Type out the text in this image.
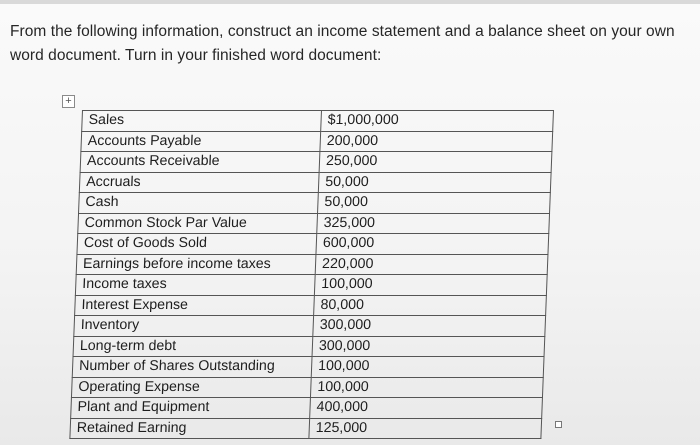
From the following information, construct an income statement and a balance sheet on your own word document. Turn in your finished word document:

+
Sales	$1,000,000
Accounts Payable	200,000
Accounts Receivable	250,000
Accruals	50,000
Cash	50,000
Common Stock Par Value	325,000
Cost of Goods Sold	600,000
Earnings before income taxes	220,000
Income taxes	100,000
Interest Expense	80,000
Inventory	300,000
Long-term debt	300,000
Number of Shares Outstanding	100,000
Operating Expense	100,000
Plant and Equipment	400,000
Retained Earning	125,000
